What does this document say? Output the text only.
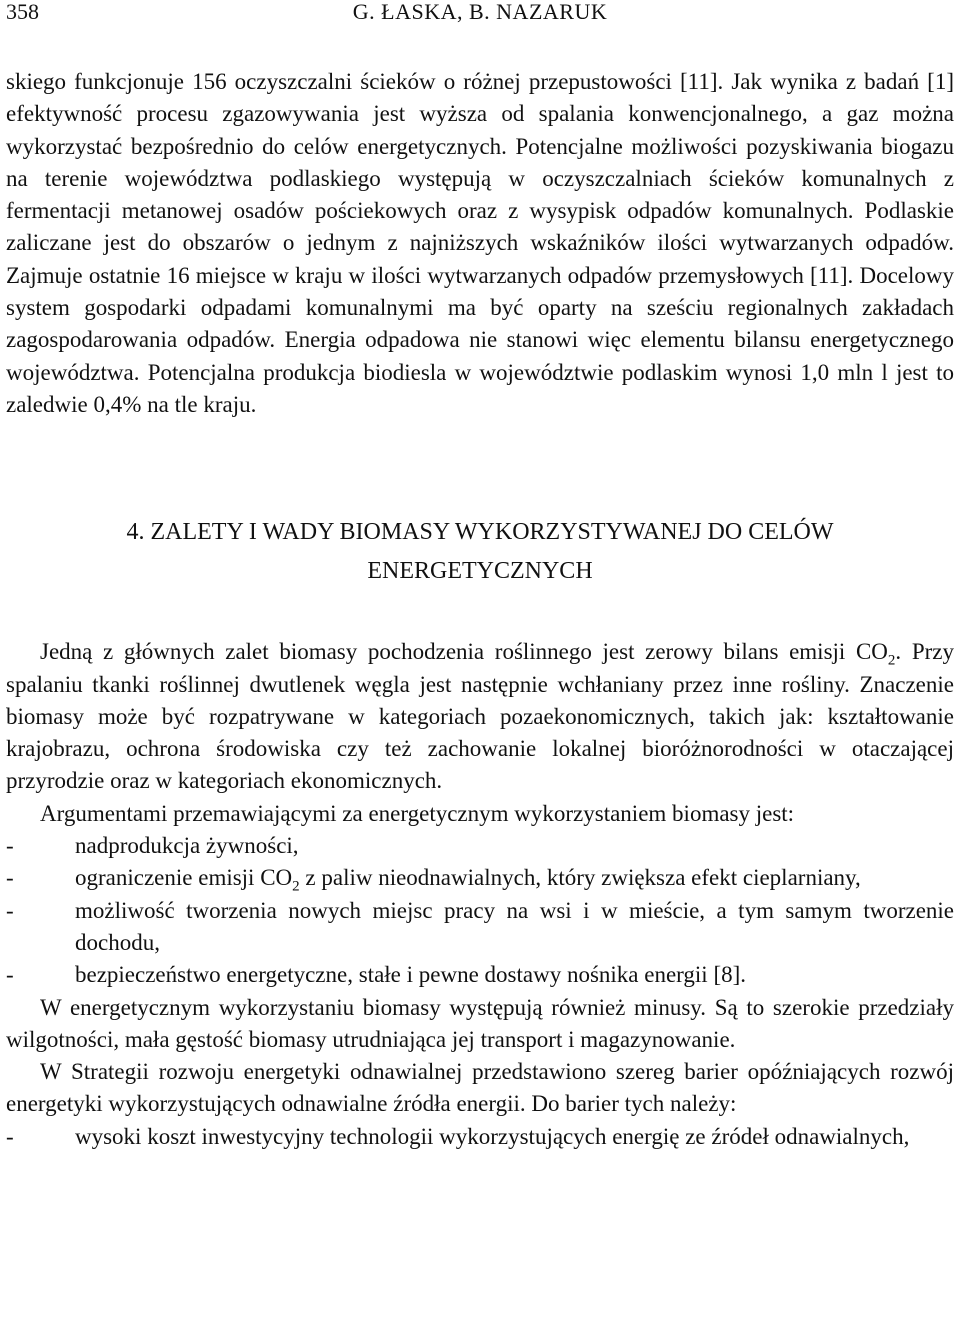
358	G. ŁASKA, B. NAZARUK

skiego funkcjonuje 156 oczyszczalni ścieków o różnej przepustowości [11]. Jak wynika z badań [1] efektywność procesu zgazowywania jest wyższa od spalania konwencjonalnego, a gaz można wykorzystać bezpośrednio do celów energetycznych. Potencjalne możliwości pozyskiwania biogazu na terenie województwa podlaskiego występują w oczyszczalniach ścieków komunalnych z fermentacji metanowej osadów pościekowych oraz z wysypisk odpadów komunalnych. Podlaskie zaliczane jest do obszarów o jednym z najniższych wskaźników ilości wytwarzanych odpadów. Zajmuje ostatnie 16 miejsce w kraju w ilości wytwarzanych odpadów przemysłowych [11]. Docelowy system gospodarki odpadami komunalnymi ma być oparty na sześciu regionalnych zakładach zagospodarowania odpadów. Energia odpadowa nie stanowi więc elementu bilansu energetycznego województwa. Potencjalna produkcja biodiesla w województwie podlaskim wynosi 1,0 mln l jest to zaledwie 0,4% na tle kraju.

4. ZALETY I WADY BIOMASY WYKORZYSTYWANEJ DO CELÓW
ENERGETYCZNYCH

Jedną z głównych zalet biomasy pochodzenia roślinnego jest zerowy bilans emisji $CO_2$. Przy spalaniu tkanki roślinnej dwutlenek węgla jest następnie wchłaniany przez inne rośliny. Znaczenie biomasy może być rozpatrywane w kategoriach pozaekonomicznych, takich jak: kształtowanie krajobrazu, ochrona środowiska czy też zachowanie lokalnej bioróżnorodności w otaczającej przyrodzie oraz w kategoriach ekonomicznych.

Argumentami przemawiającymi za energetycznym wykorzystaniem biomasy jest:

-	nadprodukcja żywności,
-	ograniczenie emisji $CO_2$ z paliw nieodnawialnych, który zwiększa efekt cieplarniany,
-	możliwość tworzenia nowych miejsc pracy na wsi i w mieście, a tym samym tworzenie dochodu,
-	bezpieczeństwo energetyczne, stałe i pewne dostawy nośnika energii [8].

W energetycznym wykorzystaniu biomasy występują również minusy. Są to szerokie przedziały wilgotności, mała gęstość biomasy utrudniająca jej transport i magazynowanie.

W Strategii rozwoju energetyki odnawialnej przedstawiono szereg barier opóźniających rozwój energetyki wykorzystujących odnawialne źródła energii. Do barier tych należy:

-	wysoki koszt inwestycyjny technologii wykorzystujących energię ze źródeł odnawialnych,
